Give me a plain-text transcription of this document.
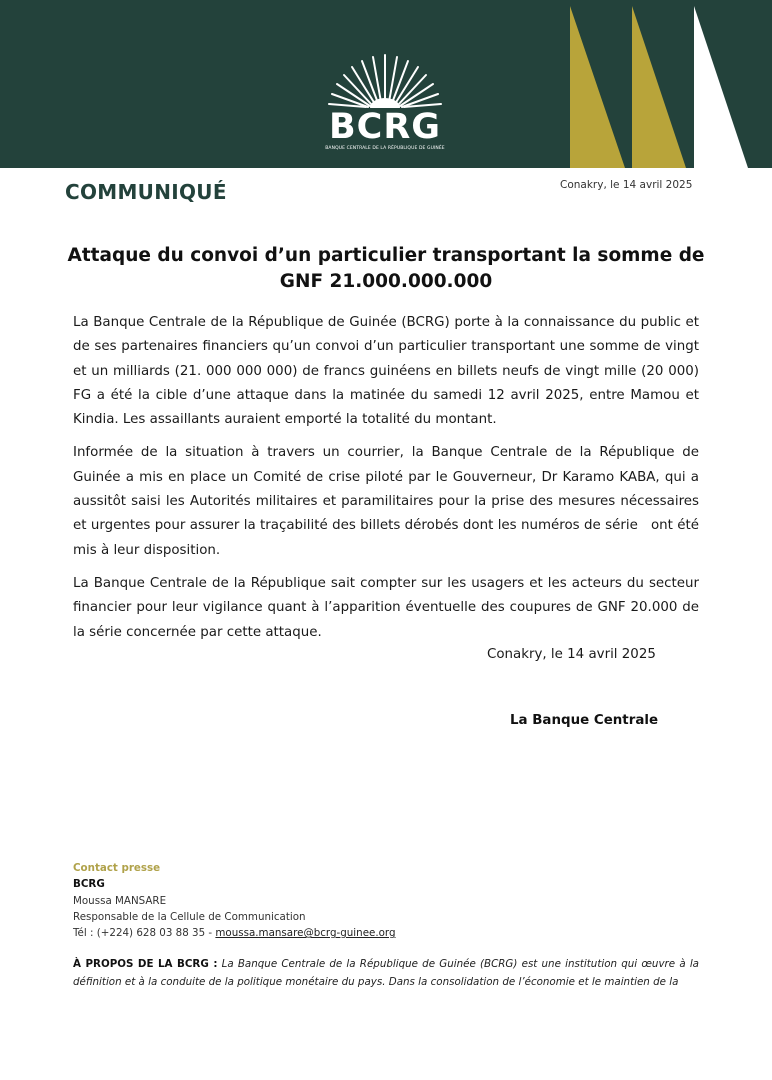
BCRG
BANQUE CENTRALE DE LA RÉPUBLIQUE DE GUINÉE
COMMUNIQUÉ	Conakry, le 14 avril 2025
Attaque du convoi d’un particulier transportant la somme de
GNF 21.000.000.000

La Banque Centrale de la République de Guinée (BCRG) porte à la connaissance du public et de ses partenaires financiers qu’un convoi d’un particulier transportant une somme de vingt et un milliards (21. 000 000 000) de francs guinéens en billets neufs de vingt mille (20 000) FG a été la cible d’une attaque dans la matinée du samedi 12 avril 2025, entre Mamou et Kindia. Les assaillants auraient emporté la totalité du montant.

Informée de la situation à travers un courrier, la Banque Centrale de la République de Guinée a mis en place un Comité de crise piloté par le Gouverneur, Dr Karamo KABA, qui a aussitôt saisi les Autorités militaires et paramilitaires pour la prise des mesures nécessaires et urgentes pour assurer la traçabilité des billets dérobés dont les numéros de série   ont été mis à leur disposition.

La Banque Centrale de la République sait compter sur les usagers et les acteurs du secteur financier pour leur vigilance quant à l’apparition éventuelle des coupures de GNF 20.000 de la série concernée par cette attaque.

Conakry, le 14 avril 2025
La Banque Centrale
Contact presse
BCRG
Moussa MANSARE
Responsable de la Cellule de Communication
Tél : (+224) 628 03 88 35 - moussa.mansare@bcrg-guinee.org
À PROPOS DE LA BCRG : La Banque Centrale de la République de Guinée (BCRG) est une institution qui œuvre à la définition et à la conduite de la politique monétaire du pays. Dans la consolidation de l’économie et le maintien de la
